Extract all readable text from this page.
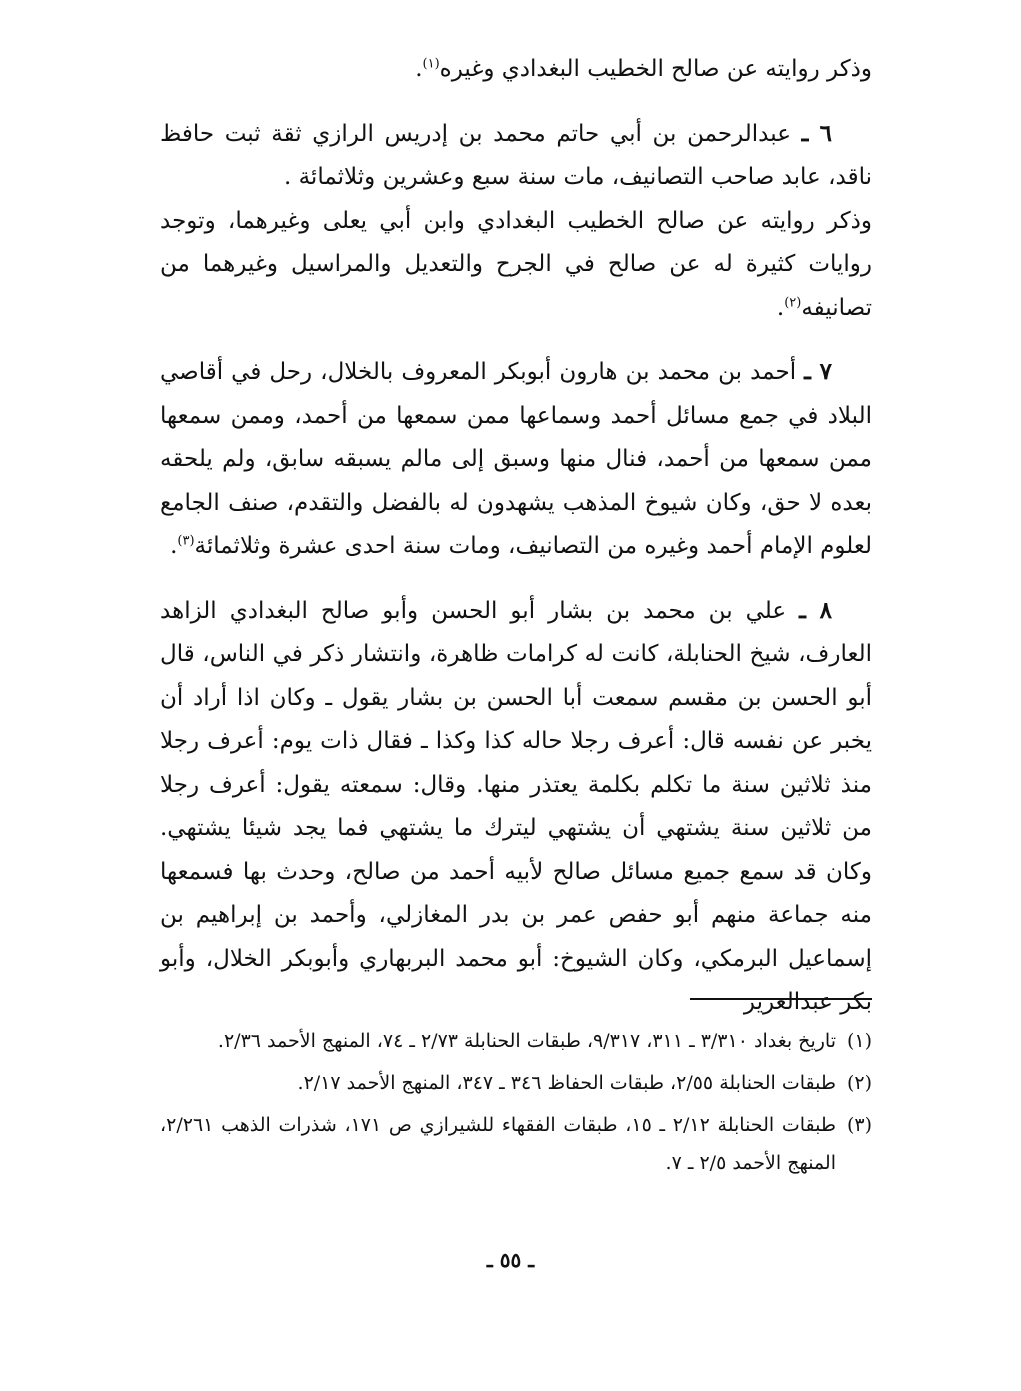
وذكر روايته عن صالح الخطيب البغدادي وغيره$^{(١)}$.

٦ ـ عبدالرحمن بن أبي حاتم محمد بن إدريس الرازي ثقة ثبت حافظ ناقد، عابد صاحب التصانيف، مات سنة سبع وعشرين وثلاثمائة .

وذكر روايته عن صالح الخطيب البغدادي وابن أبي يعلى وغيرهما، وتوجد روايات كثيرة له عن صالح في الجرح والتعديل والمراسيل وغيرهما من تصانيفه$^{(٢)}$.

٧ ـ أحمد بن محمد بن هارون أبوبكر المعروف بالخلال، رحل في أقاصي البلاد في جمع مسائل أحمد وسماعها ممن سمعها من أحمد، وممن سمعها ممن سمعها من أحمد، فنال منها وسبق إلى مالم يسبقه سابق، ولم يلحقه بعده لا حق، وكان شيوخ المذهب يشهدون له بالفضل والتقدم، صنف الجامع لعلوم الإمام أحمد وغيره من التصانيف، ومات سنة احدى عشرة وثلاثمائة$^{(٣)}$.

٨ ـ علي بن محمد بن بشار أبو الحسن وأبو صالح البغدادي الزاهد العارف، شيخ الحنابلة، كانت له كرامات ظاهرة، وانتشار ذكر في الناس، قال أبو الحسن بن مقسم سمعت أبا الحسن بن بشار يقول ـ وكان اذا أراد أن يخبر عن نفسه قال: أعرف رجلا حاله كذا وكذا ـ فقال ذات يوم: أعرف رجلا منذ ثلاثين سنة ما تكلم بكلمة يعتذر منها. وقال: سمعته يقول: أعرف رجلا من ثلاثين سنة يشتهي أن يشتهي ليترك ما يشتهي فما يجد شيئا يشتهي. وكان قد سمع جميع مسائل صالح لأبيه أحمد من صالح، وحدث بها فسمعها منه جماعة منهم أبو حفص عمر بن بدر المغازلي، وأحمد بن إبراهيم بن إسماعيل البرمكي، وكان الشيوخ: أبو محمد البربهاري وأبوبكر الخلال، وأبو بكر عبدالعزيز

(١)تاريخ بغداد ٣/٣١٠ ـ ٣١١، ٩/٣١٧، طبقات الحنابلة ٢/٧٣ ـ ٧٤، المنهج الأحمد ٢/٣٦.

(٢)طبقات الحنابلة ٢/٥٥، طبقات الحفاظ ٣٤٦ ـ ٣٤٧، المنهج الأحمد ٢/١٧.

(٣)طبقات الحنابلة ٢/١٢ ـ ١٥، طبقات الفقهاء للشيرازي ص ١٧١، شذرات الذهب ٢/٢٦١، المنهج الأحمد ٢/٥ ـ ٧.

ـ ٥٥ ـ
